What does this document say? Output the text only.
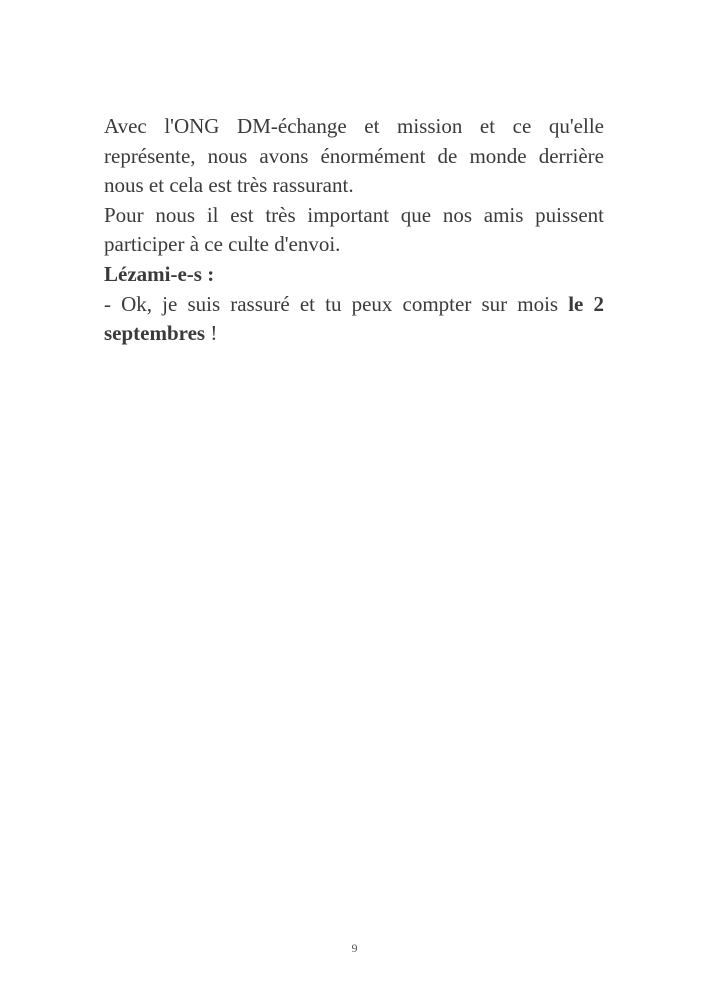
Avec l'ONG DM-échange et mission et ce qu'elle représente, nous avons énormément de monde derrière nous et cela est très rassurant.

Pour nous il est très important que nos amis puissent participer à ce culte d'envoi.

Lézami-e-s :

- Ok, je suis rassuré et tu peux compter sur mois le 2 septembres !

9
